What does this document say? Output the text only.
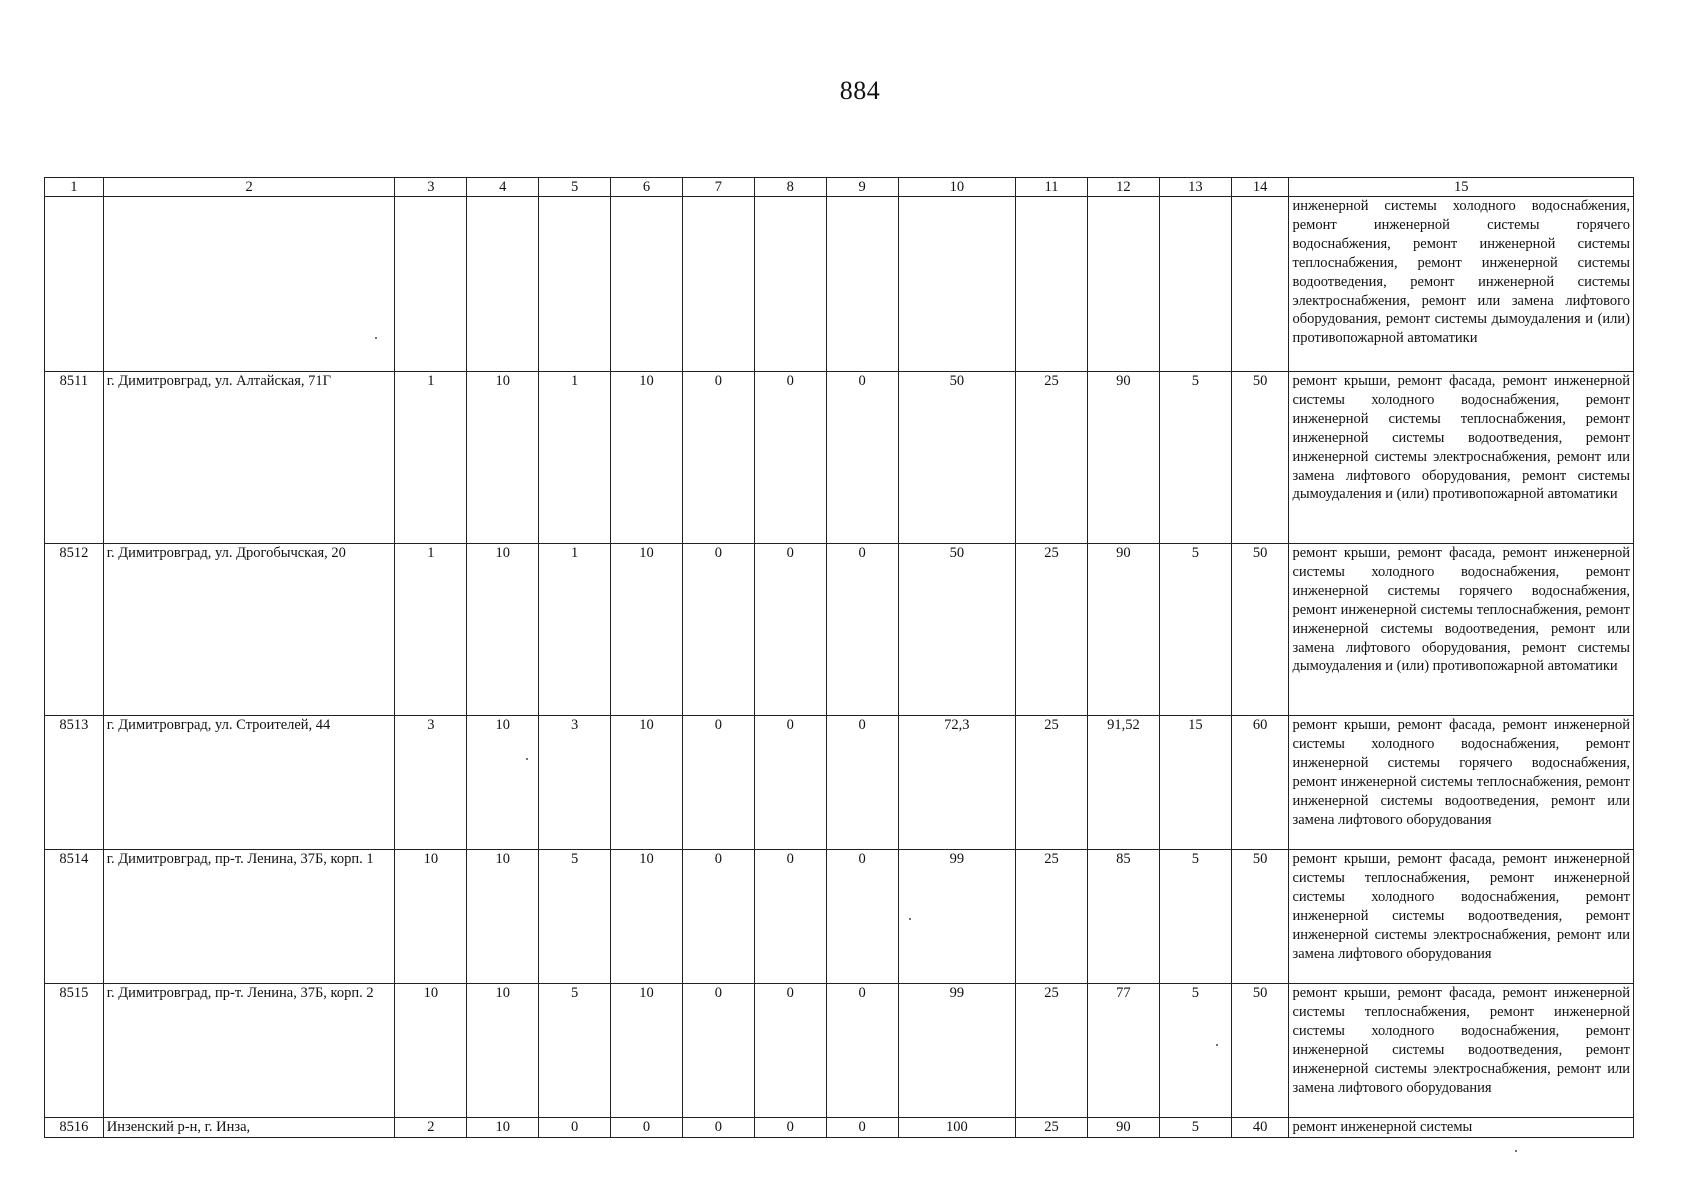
884
1	2	3	4	5	6	7	8	9	10	11	12	13	14	15
														инженерной системы холодного водоснабжения, ремонт инженерной системы горячего водоснабжения, ремонт инженерной системы теплоснабжения, ремонт инженерной системы водоотведения, ремонт инженерной системы электроснабжения, ремонт или замена лифтового оборудования, ремонт системы дымоудаления и (или) противопожарной автоматики
8511	г. Димитровград, ул. Алтайская, 71Г	1	10	1	10	0	0	0	50	25	90	5	50	ремонт крыши, ремонт фасада, ремонт инженерной системы холодного водоснабжения, ремонт инженерной системы теплоснабжения, ремонт инженерной системы водоотведения, ремонт инженерной системы электроснабжения, ремонт или замена лифтового оборудования, ремонт системы дымоудаления и (или) противопожарной автоматики
8512	г. Димитровград, ул. Дрогобычская, 20	1	10	1	10	0	0	0	50	25	90	5	50	ремонт крыши, ремонт фасада, ремонт инженерной системы холодного водоснабжения, ремонт инженерной системы горячего водоснабжения, ремонт инженерной системы теплоснабжения, ремонт инженерной системы водоотведения, ремонт или замена лифтового оборудования, ремонт системы дымоудаления и (или) противопожарной автоматики
8513	г. Димитровград, ул. Строителей, 44	3	10	3	10	0	0	0	72,3	25	91,52	15	60	ремонт крыши, ремонт фасада, ремонт инженерной системы холодного водоснабжения, ремонт инженерной системы горячего водоснабжения, ремонт инженерной системы теплоснабжения, ремонт инженерной системы водоотведения, ремонт или замена лифтового оборудования
8514	г. Димитровград, пр-т. Ленина, 37Б, корп. 1	10	10	5	10	0	0	0	99	25	85	5	50	ремонт крыши, ремонт фасада, ремонт инженерной системы теплоснабжения, ремонт инженерной системы холодного водоснабжения, ремонт инженерной системы водоотведения, ремонт инженерной системы электроснабжения, ремонт или замена лифтового оборудования
8515	г. Димитровград, пр-т. Ленина, 37Б, корп. 2	10	10	5	10	0	0	0	99	25	77	5	50	ремонт крыши, ремонт фасада, ремонт инженерной системы теплоснабжения, ремонт инженерной системы холодного водоснабжения, ремонт инженерной системы водоотведения, ремонт инженерной системы электроснабжения, ремонт или замена лифтового оборудования
8516	Инзенский р-н, г. Инза,	2	10	0	0	0	0	0	100	25	90	5	40	ремонт инженерной системы
